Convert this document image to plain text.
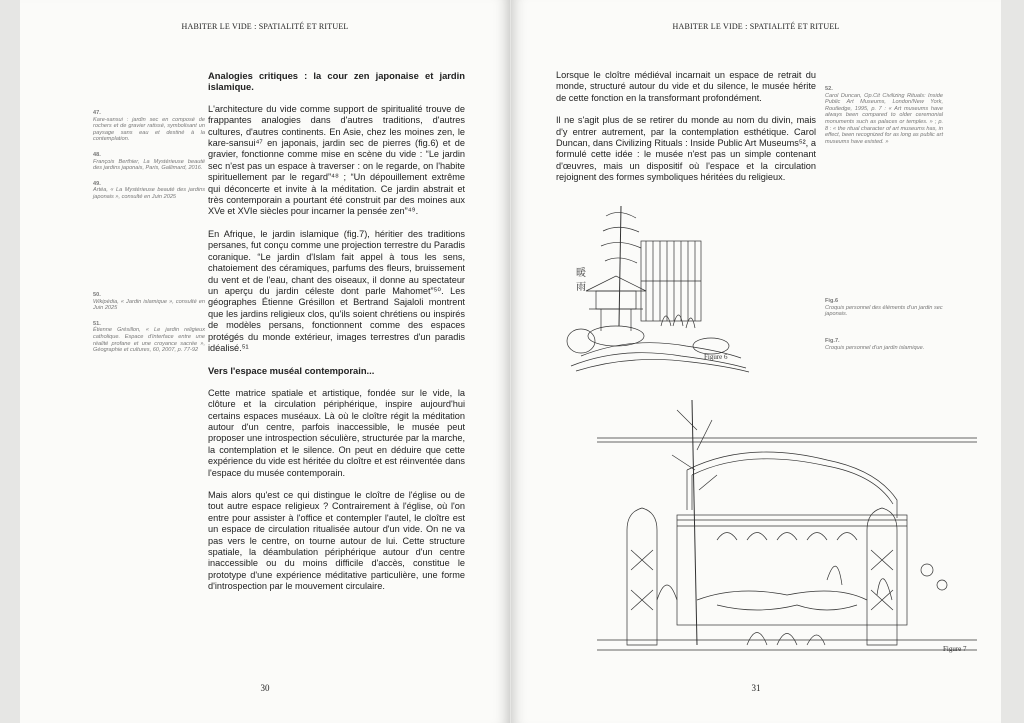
HABITER LE VIDE : SPATIALITÉ ET RITUEL
47.
Kare-sansui : jardin sec en composé de rochers et de gravier ratissé, symbolisant un paysage sans eau et destiné à la contemplation.
48.
François Berthier, La Mystérieuse beauté des jardins japonais, Paris, Gallimard, 2016.
49.
Artéa, « La Mystérieuse beauté des jardins japonais », consulté en Juin 2025
50.
Wikipédia, « Jardin islamique », consulté en Juin 2025
51.
Étienne Grésillon, « Le jardin religieux catholique. Espace d'interface entre une réalité profane et une croyance sacrée », Géographie et cultures, 60, 2007, p. 77-92
Analogies critiques : la cour zen japonaise et jardin islamique.

L'architecture du vide comme support de spiritualité trouve de frappantes analogies dans d'autres traditions, d'autres cultures, d'autres continents. En Asie, chez les moines zen, le kare-sansui⁴⁷ en japonais, jardin sec de pierres (fig.6) et de gravier, fonctionne comme mise en scène du vide : “Le jardin sec n'est pas un espace à traverser : on le regarde, on l'habite spirituellement par le regard”⁴⁸ ; “Un dépouillement extrême qui déconcerte et invite à la méditation. Ce jardin abstrait et très contemporain a pourtant été construit par des moines aux XVe et XVIe siècles pour incarner la pensée zen”⁴⁹.

En Afrique, le jardin islamique (fig.7), héritier des traditions persanes, fut conçu comme une projection terrestre du Paradis coranique. “Le jardin d'Islam fait appel à tous les sens, chatoiement des céramiques, parfums des fleurs, bruissement du vent et de l'eau, chant des oiseaux, il donne au spectateur un aperçu du jardin céleste dont parle Mahomet”⁵⁰. Les géographes Étienne Grésillon et Bertrand Sajaloli montrent que les jardins religieux clos, qu'ils soient chrétiens ou inspirés de modèles persans, fonctionnent comme des espaces protégés du monde extérieur, images terrestres d'un paradis idéalisé.⁵¹

Vers l'espace muséal contemporain...

Cette matrice spatiale et artistique, fondée sur le vide, la clôture et la circulation périphérique, inspire aujourd'hui certains espaces muséaux. Là où le cloître régit la méditation autour d'un centre, parfois inaccessible, le musée peut proposer une introspection séculière, structurée par la marche, la contemplation et le silence. On peut en déduire que cette expérience du vide est héritée du cloître et est réinventée dans l'espace du musée contemporain.

Mais alors qu'est ce qui distingue le cloître de l'église ou de tout autre espace religieux ? Contrairement à l'église, où l'on entre pour assister à l'office et contempler l'autel, le cloître est un espace de circulation ritualisée autour d'un vide. On ne va pas vers le centre, on tourne autour de lui. Cette structure spatiale, la déambulation périphérique autour d'un centre inaccessible ou du moins difficile d'accès, constitue le prototype d'une expérience méditative particulière, une forme d'introspection par le mouvement circulaire.

30
HABITER LE VIDE : SPATIALITÉ ET RITUEL

Lorsque le cloître médiéval incarnait un espace de retrait du monde, structuré autour du vide et du silence, le musée hérite de cette fonction en la transformant profondément.

Il ne s'agit plus de se retirer du monde au nom du divin, mais d'y entrer autrement, par la contemplation esthétique. Carol Duncan, dans Civilizing Rituals : Inside Public Art Museums⁵², a formulé cette idée : le musée n'est pas un simple contenant d'œuvres, mais un dispositif où l'espace et la circulation rejoignent des formes symboliques héritées du religieux.

52.
Carol Duncan, Op.Cit Civilizing Rituals: Inside Public Art Museums, London/New York, Routledge, 1995, p. 7 : « Art museums have always been compared to older ceremonial monuments such as palaces or temples. » ; p. 8 : « the ritual character of art museums has, in effect, been recognized for as long as public art museums have existed. »
Fig.6
Croquis personnel des éléments d'un jardin sec japonais.
Fig.7.
Croquis personnel d'un jardin islamique.
暖
雨
Figure 6
Figure 7
31
